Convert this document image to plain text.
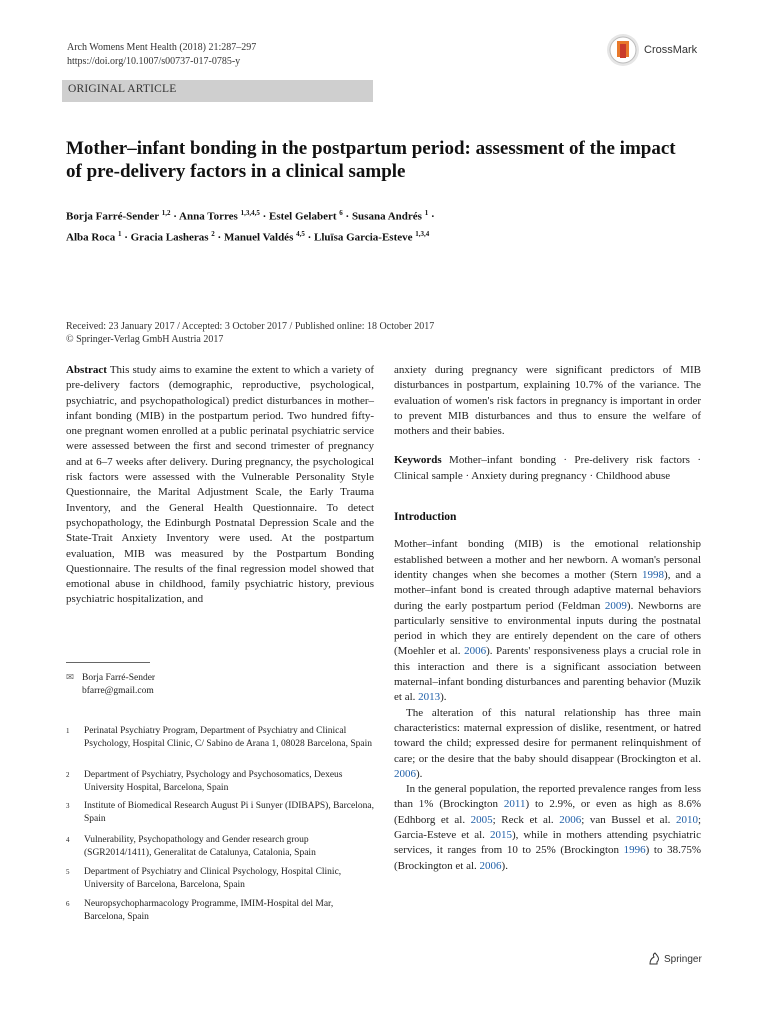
Arch Womens Ment Health (2018) 21:287–297
https://doi.org/10.1007/s00737-017-0785-y
CrossMark
ORIGINAL ARTICLE
Mother–infant bonding in the postpartum period: assessment of the impact of pre-delivery factors in a clinical sample
Borja Farré-Sender $^{1,2}$ · Anna Torres $^{1,3,4,5}$ · Estel Gelabert $^6$ · Susana Andrés $^1$ ·
Alba Roca $^1$ · Gracia Lasheras $^2$ · Manuel Valdés $^{4,5}$ · Lluïsa Garcia-Esteve $^{1,3,4}$
Received: 23 January 2017 / Accepted: 3 October 2017 / Published online: 18 October 2017
© Springer-Verlag GmbH Austria 2017
Abstract This study aims to examine the extent to which a variety of pre-delivery factors (demographic, reproductive, psychological, psychiatric, and psychopathological) predict disturbances in mother–infant bonding (MIB) in the postpartum period. Two hundred fifty-one pregnant women enrolled at a public perinatal psychiatric service were assessed between the first and second trimester of pregnancy and at 6–7 weeks after delivery. During pregnancy, the psychological risk factors were assessed with the Vulnerable Personality Style Questionnaire, the Marital Adjustment Scale, the Early Trauma Inventory, and the General Health Questionnaire. To detect psychopathology, the Edinburgh Postnatal Depression Scale and the State-Trait Anxiety Inventory were used. At the postpartum evaluation, MIB was measured by the Postpartum Bonding Questionnaire. The results of the final regression model showed that emotional abuse in childhood, family psychiatric history, previous psychiatric hospitalization, and
✉ Borja Farré-Sender
bfarre@gmail.com
1 Perinatal Psychiatry Program, Department of Psychiatry and Clinical Psychology, Hospital Clinic, C/ Sabino de Arana 1, 08028 Barcelona, Spain
2 Department of Psychiatry, Psychology and Psychosomatics, Dexeus University Hospital, Barcelona, Spain
3 Institute of Biomedical Research August Pi i Sunyer (IDIBAPS), Barcelona, Spain
4 Vulnerability, Psychopathology and Gender research group (SGR2014/1411), Generalitat de Catalunya, Catalonia, Spain
5 Department of Psychiatry and Clinical Psychology, Hospital Clinic, University of Barcelona, Barcelona, Spain
6 Neuropsychopharmacology Programme, IMIM-Hospital del Mar, Barcelona, Spain
anxiety during pregnancy were significant predictors of MIB disturbances in postpartum, explaining 10.7% of the variance. The evaluation of women's risk factors in pregnancy is important in order to prevent MIB disturbances and thus to ensure the welfare of mothers and their babies.
Keywords Mother–infant bonding · Pre-delivery risk factors · Clinical sample · Anxiety during pregnancy · Childhood abuse
Introduction
Mother–infant bonding (MIB) is the emotional relationship established between a mother and her newborn. A woman's personal identity changes when she becomes a mother (Stern 1998), and a mother–infant bond is created through adaptive maternal behaviors during the early postpartum period (Feldman 2009). Newborns are particularly sensitive to environmental inputs during the postnatal period in which they are entirely dependent on the care of others (Moehler et al. 2006). Parents' responsiveness plays a crucial role in this interaction and there is a significant association between maternal–infant bonding disturbances and parenting behavior (Muzik et al. 2013).
The alteration of this natural relationship has three main characteristics: maternal expression of dislike, resentment, or hatred toward the child; expressed desire for permanent relinquishment of care; or the desire that the baby should disappear (Brockington et al. 2006).
In the general population, the reported prevalence ranges from less than 1% (Brockington 2011) to 2.9%, or even as high as 8.6% (Edhborg et al. 2005; Reck et al. 2006; van Bussel et al. 2010; Garcia-Esteve et al. 2015), while in mothers attending psychiatric services, it ranges from 10 to 25% (Brockington 1996) to 38.75% (Brockington et al. 2006).
Springer
